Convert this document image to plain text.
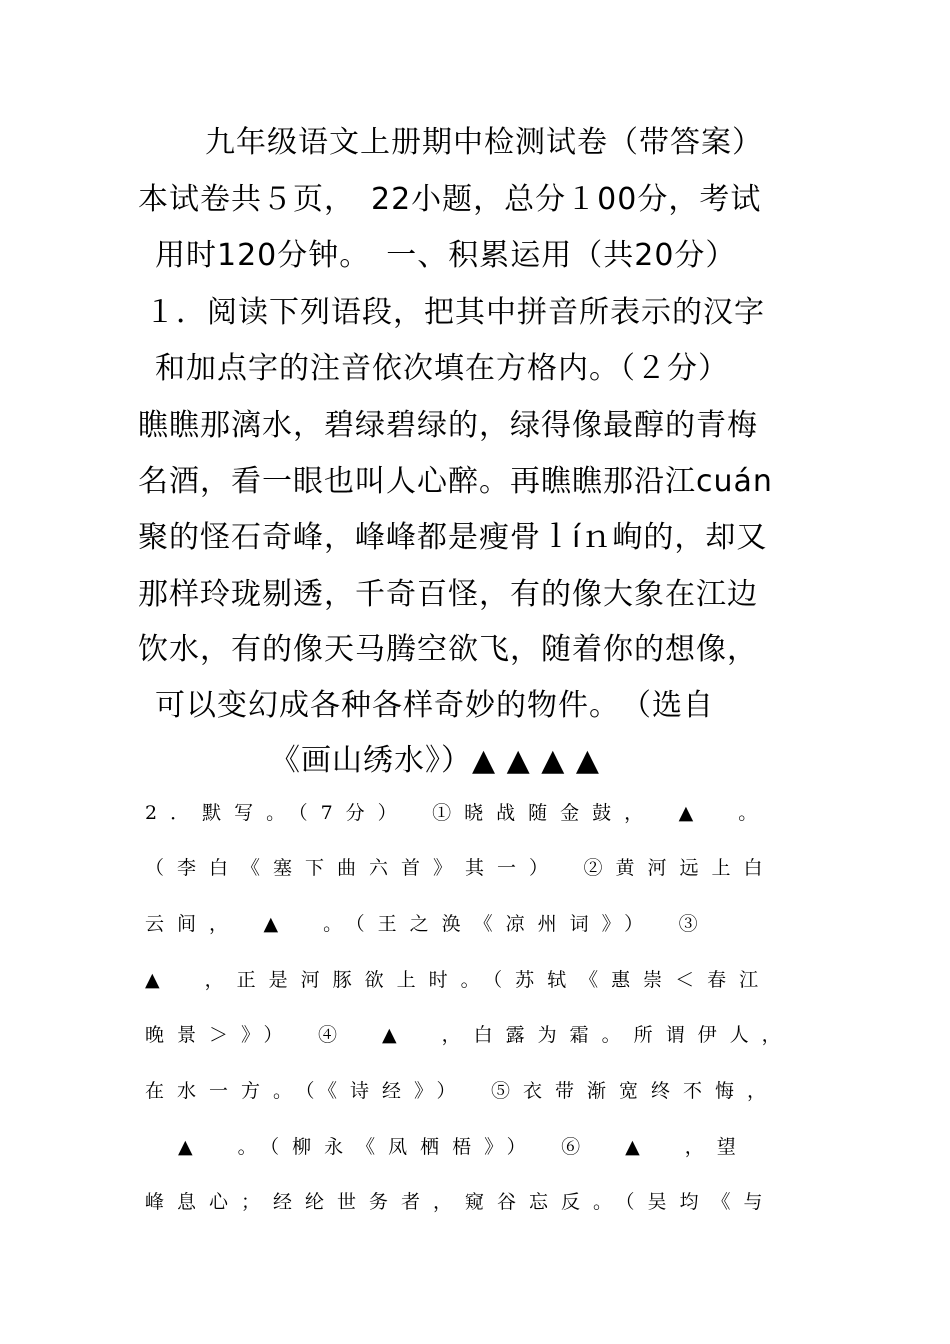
九年级语文上册期中检测试卷（带答案）
本试卷共５页，　22小题，总分１00分，考试
用时120分钟。　一、积累运用（共20分）
１．阅读下列语段，把其中拼音所表示的汉字
和加点字的注音依次填在方格内。（２分）
瞧瞧那漓水，碧绿碧绿的，绿得像最醇的青梅
名酒，看一眼也叫人心醉。再瞧瞧那沿江cuán
聚的怪石奇峰，峰峰都是瘦骨ｌíｎ峋的，却又
那样玲珑剔透，千奇百怪，有的像大象在江边
饮水，有的像天马腾空欲飞，随着你的想像，
可以变幻成各种各样奇妙的物件。　（选自
《画山绣水》）▲ ▲ ▲ ▲
2．默写。（7分）　①晓战随金鼓，　▲　。
（李白《塞下曲六首》其一）　②黄河远上白
云间，　▲　。（王之涣《凉州词》）　③
▲　，正是河豚欲上时。（苏轼《惠崇＜春江
晚景＞》）　④　▲　，白露为霜。所谓伊人，
在水一方。（《诗经》）　⑤衣带渐宽终不悔，
▲　。（柳永《凤栖梧》）　⑥　▲　，望
峰息心；经纶世务者，窥谷忘反。（吴均《与
